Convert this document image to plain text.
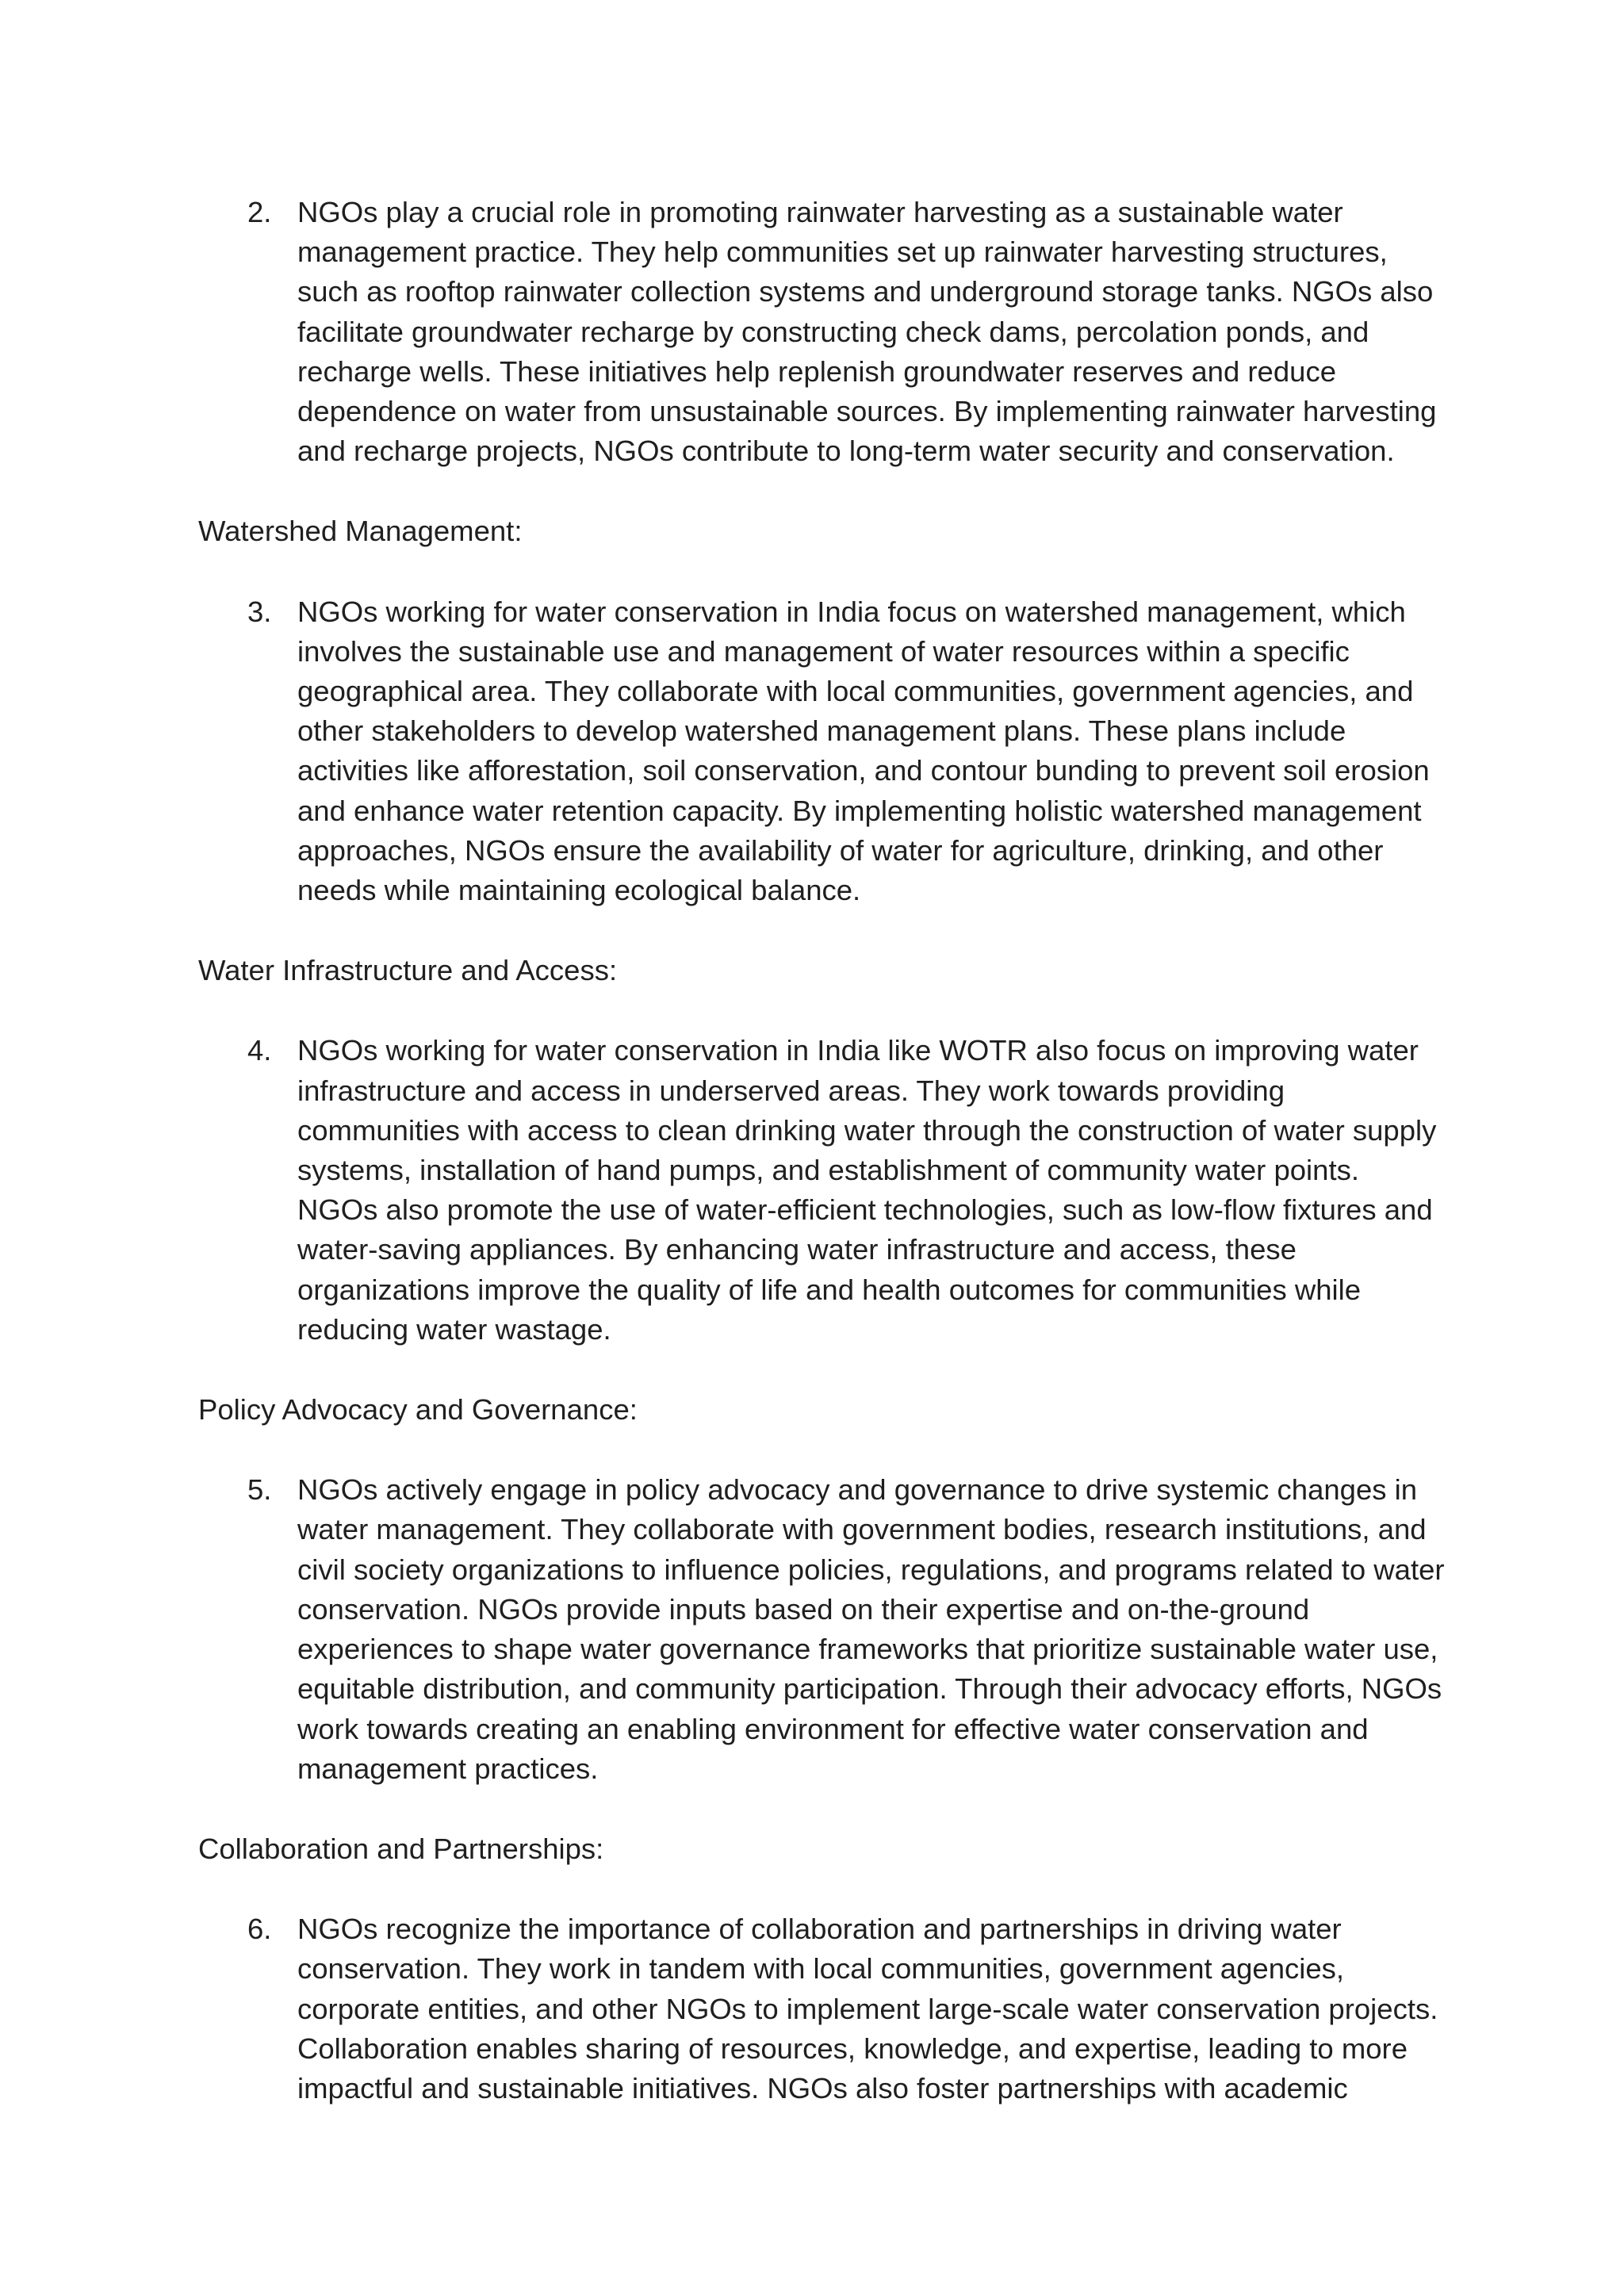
2. NGOs play a crucial role in promoting rainwater harvesting as a sustainable water management practice. They help communities set up rainwater harvesting structures, such as rooftop rainwater collection systems and underground storage tanks. NGOs also facilitate groundwater recharge by constructing check dams, percolation ponds, and recharge wells. These initiatives help replenish groundwater reserves and reduce dependence on water from unsustainable sources. By implementing rainwater harvesting and recharge projects, NGOs contribute to long-term water security and conservation.
Watershed Management:
3. NGOs working for water conservation in India focus on watershed management, which involves the sustainable use and management of water resources within a specific geographical area. They collaborate with local communities, government agencies, and other stakeholders to develop watershed management plans. These plans include activities like afforestation, soil conservation, and contour bunding to prevent soil erosion and enhance water retention capacity. By implementing holistic watershed management approaches, NGOs ensure the availability of water for agriculture, drinking, and other needs while maintaining ecological balance.
Water Infrastructure and Access:
4. NGOs working for water conservation in India like WOTR also focus on improving water infrastructure and access in underserved areas. They work towards providing communities with access to clean drinking water through the construction of water supply systems, installation of hand pumps, and establishment of community water points. NGOs also promote the use of water-efficient technologies, such as low-flow fixtures and water-saving appliances. By enhancing water infrastructure and access, these organizations improve the quality of life and health outcomes for communities while reducing water wastage.
Policy Advocacy and Governance:
5. NGOs actively engage in policy advocacy and governance to drive systemic changes in water management. They collaborate with government bodies, research institutions, and civil society organizations to influence policies, regulations, and programs related to water conservation. NGOs provide inputs based on their expertise and on-the-ground experiences to shape water governance frameworks that prioritize sustainable water use, equitable distribution, and community participation. Through their advocacy efforts, NGOs work towards creating an enabling environment for effective water conservation and management practices.
Collaboration and Partnerships:
6. NGOs recognize the importance of collaboration and partnerships in driving water conservation. They work in tandem with local communities, government agencies, corporate entities, and other NGOs to implement large-scale water conservation projects. Collaboration enables sharing of resources, knowledge, and expertise, leading to more impactful and sustainable initiatives. NGOs also foster partnerships with academic
